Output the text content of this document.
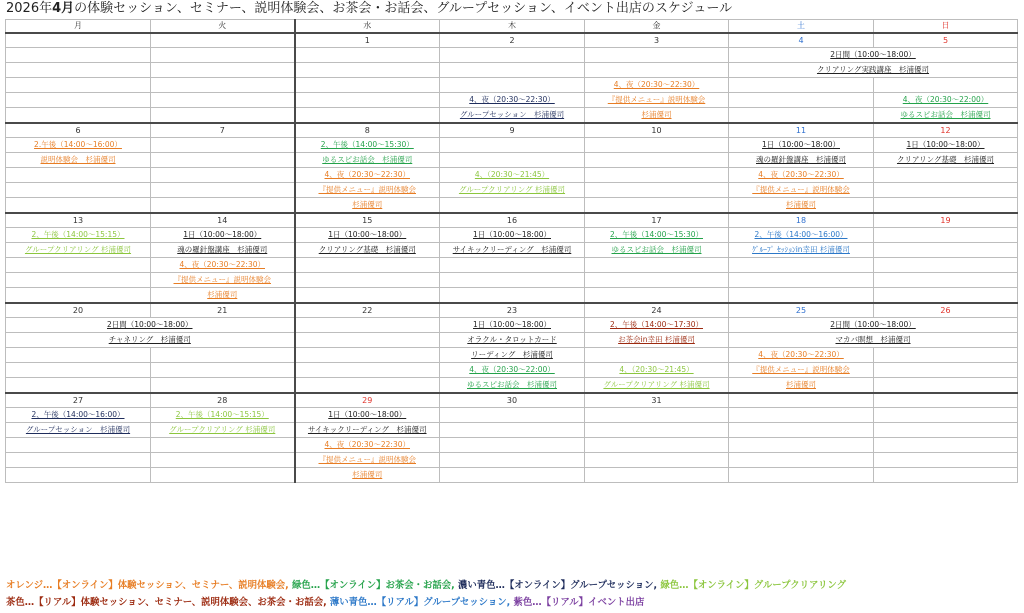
2026年4月の体験セッション、セミナー、説明体験会、お茶会・お話会、グループセッション、イベント出店のスケジュール
月	火	水	木	金	土	日
		1	2	3	4	5
					2日間（10:00～18:00）	
					クリアリング実践講座　杉浦優司	
				4、夜（20:30～22:30）		
			4、夜（20:30～22:30）	『提供メニュー』説明体験会		4、夜（20:30～22:00）
			グループセッション　杉浦優司	杉浦優司		ゆるスピお話会　杉浦優司
6	7	8	9	10	11	12
2.午後（14:00～16:00）		2、午後（14:00～15:30）			1日（10:00～18:00）	1日（10:00～18:00）
説明体験会　杉浦優司		ゆるスピお話会　杉浦優司			魂の羅針盤講座　杉浦優司	クリアリング基礎　杉浦優司
		4、夜（20:30～22:30）	4、（20:30～21:45）		4、夜（20:30～22:30）	
		『提供メニュー』説明体験会	グループクリアリング 杉浦優司		『提供メニュー』説明体験会	
		杉浦優司			杉浦優司	
13	14	15	16	17	18	19
2、午後（14:00～15:15）	1日（10:00～18:00）	1日（10:00～18:00）	1日（10:00～18:00）	2、午後（14:00～15:30）	2、午後（14:00～16:00）	
グループクリアリング 杉浦優司	魂の羅針盤講座　杉浦優司	クリアリング基礎　杉浦優司	サイキックリーディング　杉浦優司	ゆるスピお話会　杉浦優司	ｸﾞﾙｰﾌﾟ ｾｯｼｮﾝin幸田 杉浦優司	
	4、夜（20:30～22:30）					
	『提供メニュー』説明体験会					
	杉浦優司					
20	21	22	23	24	25	26
2日間（10:00～18:00）			1日（10:00～18:00）	2、午後（14:00～17:30）	2日間（10:00～18:00）	
チャネリング　杉浦優司			オラクル・タロットカード	お茶会in幸田 杉浦優司	マカバ瞑想　杉浦優司	
			リーディング　杉浦優司		4、夜（20:30～22:30）	
			4、夜（20:30～22:00）	4、（20:30～21:45）	『提供メニュー』説明体験会	
			ゆるスピお話会　杉浦優司	グループクリアリング 杉浦優司	杉浦優司	
27	28	29	30	31		
2、午後（14:00～16:00）	2、午後（14:00～15:15）	1日（10:00～18:00）				
グループセッション　杉浦優司	グループクリアリング 杉浦優司	サイキックリーディング　杉浦優司				
		4、夜（20:30～22:30）				
		『提供メニュー』説明体験会				
		杉浦優司				
オレンジ…【オンライン】体験セッション、セミナー、説明体験会, 緑色…【オンライン】お茶会・お話会, 濃い青色…【オンライン】グループセッション, 緑色…【オンライン】グループクリアリング
茶色…【リアル】体験セッション、セミナー、説明体験会、お茶会・お話会, 薄い青色…【リアル】グループセッション, 紫色…【リアル】イベント出店
